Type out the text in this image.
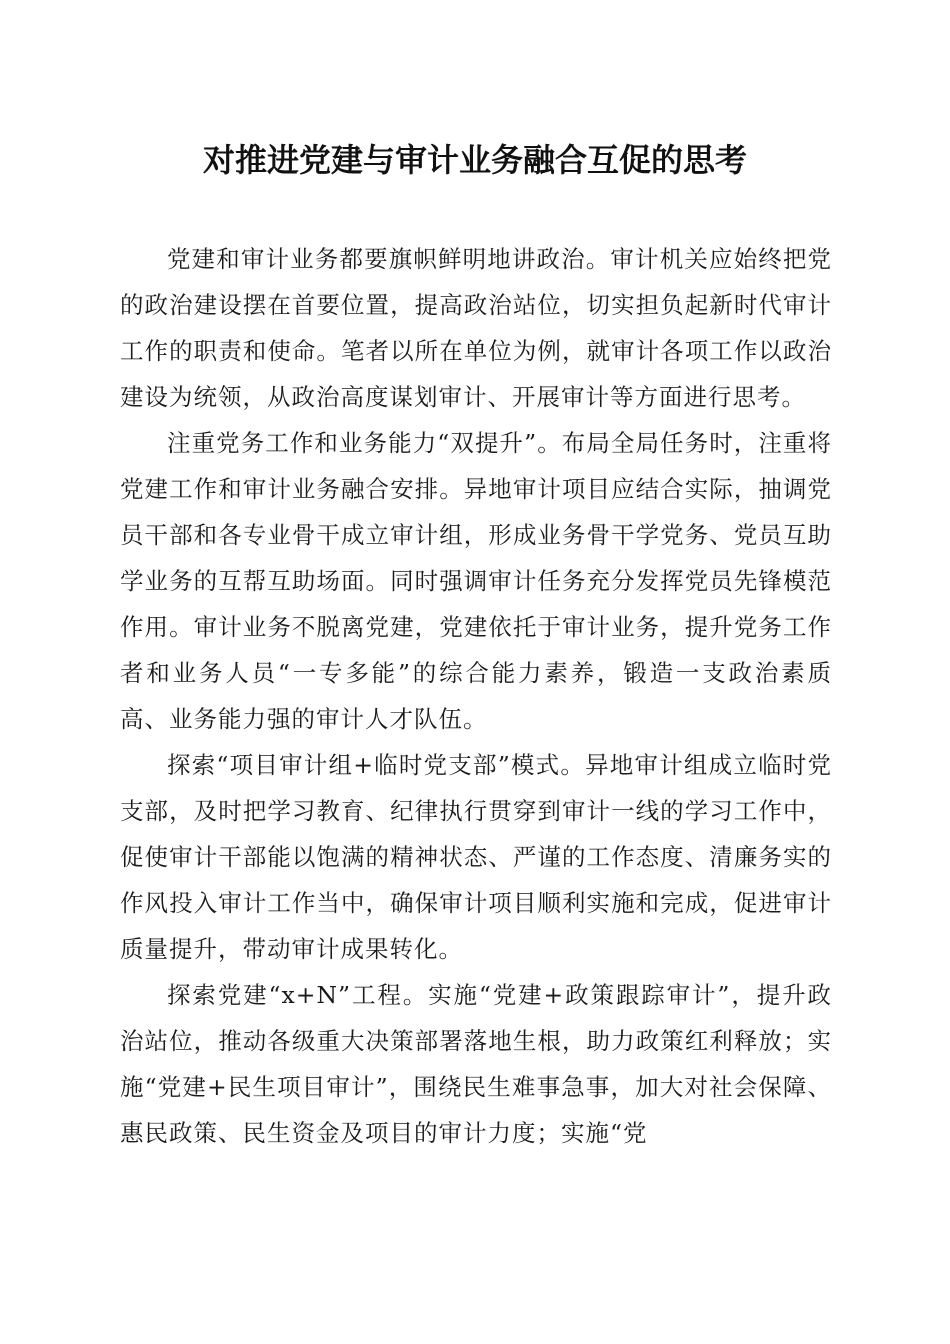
对推进党建与审计业务融合互促的思考

党建和审计业务都要旗帜鲜明地讲政治。审计机关应始终把党的政治建设摆在首要位置，提高政治站位，切实担负起新时代审计工作的职责和使命。笔者以所在单位为例，就审计各项工作以政治建设为统领，从政治高度谋划审计、开展审计等方面进行思考。

注重党务工作和业务能力“双提升”。布局全局任务时，注重将党建工作和审计业务融合安排。异地审计项目应结合实际，抽调党员干部和各专业骨干成立审计组，形成业务骨干学党务、党员互助学业务的互帮互助场面。同时强调审计任务充分发挥党员先锋模范作用。审计业务不脱离党建，党建依托于审计业务，提升党务工作者和业务人员“一专多能”的综合能力素养，锻造一支政治素质高、业务能力强的审计人才队伍。

探索“项目审计组+临时党支部”模式。异地审计组成立临时党支部，及时把学习教育、纪律执行贯穿到审计一线的学习工作中，促使审计干部能以饱满的精神状态、严谨的工作态度、清廉务实的作风投入审计工作当中，确保审计项目顺利实施和完成，促进审计质量提升，带动审计成果转化。

探索党建“x+N”工程。实施“党建+政策跟踪审计”，提升政治站位，推动各级重大决策部署落地生根，助力政策红利释放；实施“党建+民生项目审计”，围绕民生难事急事，加大对社会保障、惠民政策、民生资金及项目的审计力度；实施“党
